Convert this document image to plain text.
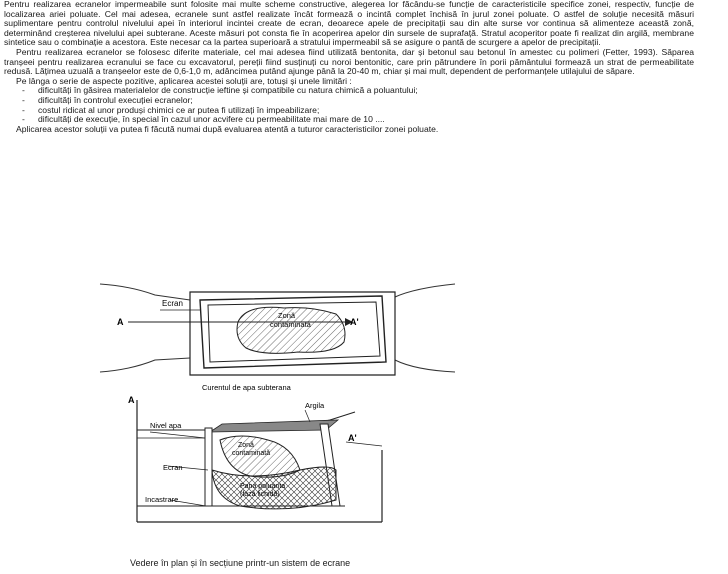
Pentru realizarea ecranelor impermeabile sunt folosite mai multe scheme constructive, alegerea lor făcându-se funcție de caracteristicile specifice zonei, respectiv, funcție de localizarea ariei poluate. Cel mai adesea, ecranele sunt astfel realizate încât formează o incintă complet închisă în jurul zonei poluate. O astfel de soluție necesită măsuri suplimentare pentru controlul nivelului apei în interiorul incintei create de ecran, deoarece apele de precipitații sau din alte surse vor continua să alimenteze această zonă, determinând creșterea nivelului apei subterane. Aceste măsuri pot consta fie în acoperirea apelor din sursele de suprafață. Stratul acoperitor poate fi realizat din argilă, membrane sintetice sau o combinație a acestora. Este necesar ca la partea superioară a stratului impermeabil să se asigure o pantă de scurgere a apelor de precipitații.

Pentru realizarea ecranelor se folosesc diferite materiale, cel mai adesea fiind utilizată bentonita, dar și betonul sau betonul în amestec cu polimeri (Fetter, 1993). Săparea tranșeei pentru realizarea ecranului se face cu excavatorul, pereții fiind susținuți cu noroi bentonitic, care prin pătrundere în porii pământului formează un strat de permeabilitate redusă. Lățimea uzuală a tranșeelor este de 0,6-1,0 m, adâncimea putând ajunge până la 20-40 m, chiar și mai mult, dependent de performanțele utilajului de săpare.

Pe lânga o serie de aspecte pozitive, aplicarea acestei soluții are, totuși și unele limitări :

- dificultăți în găsirea materialelor de construcție ieftine și compatibile cu natura chimică a poluantului;
- dificultăți în controlul execuției ecranelor;
- costul ridicat al unor produși chimici ce ar putea fi utilizați în impeabilizare;
- dificultăți de execuție, în special în cazul unor acvifere cu permeabilitate mai mare de 10 ....

Aplicarea acestor soluții va putea fi făcută numai după evaluarea atentă a tuturor caracteristicilor zonei poluate.

Ecran
A	A'
Zonă
contaminată
Curentul de apa subterana
A
A'
Nivel apa
Argila
Zonă
contaminată
Ecran
Pana poluanta
(fază lichidă)
Incastrare
Vedere în plan și în secțiune printr-un sistem de ecrane
